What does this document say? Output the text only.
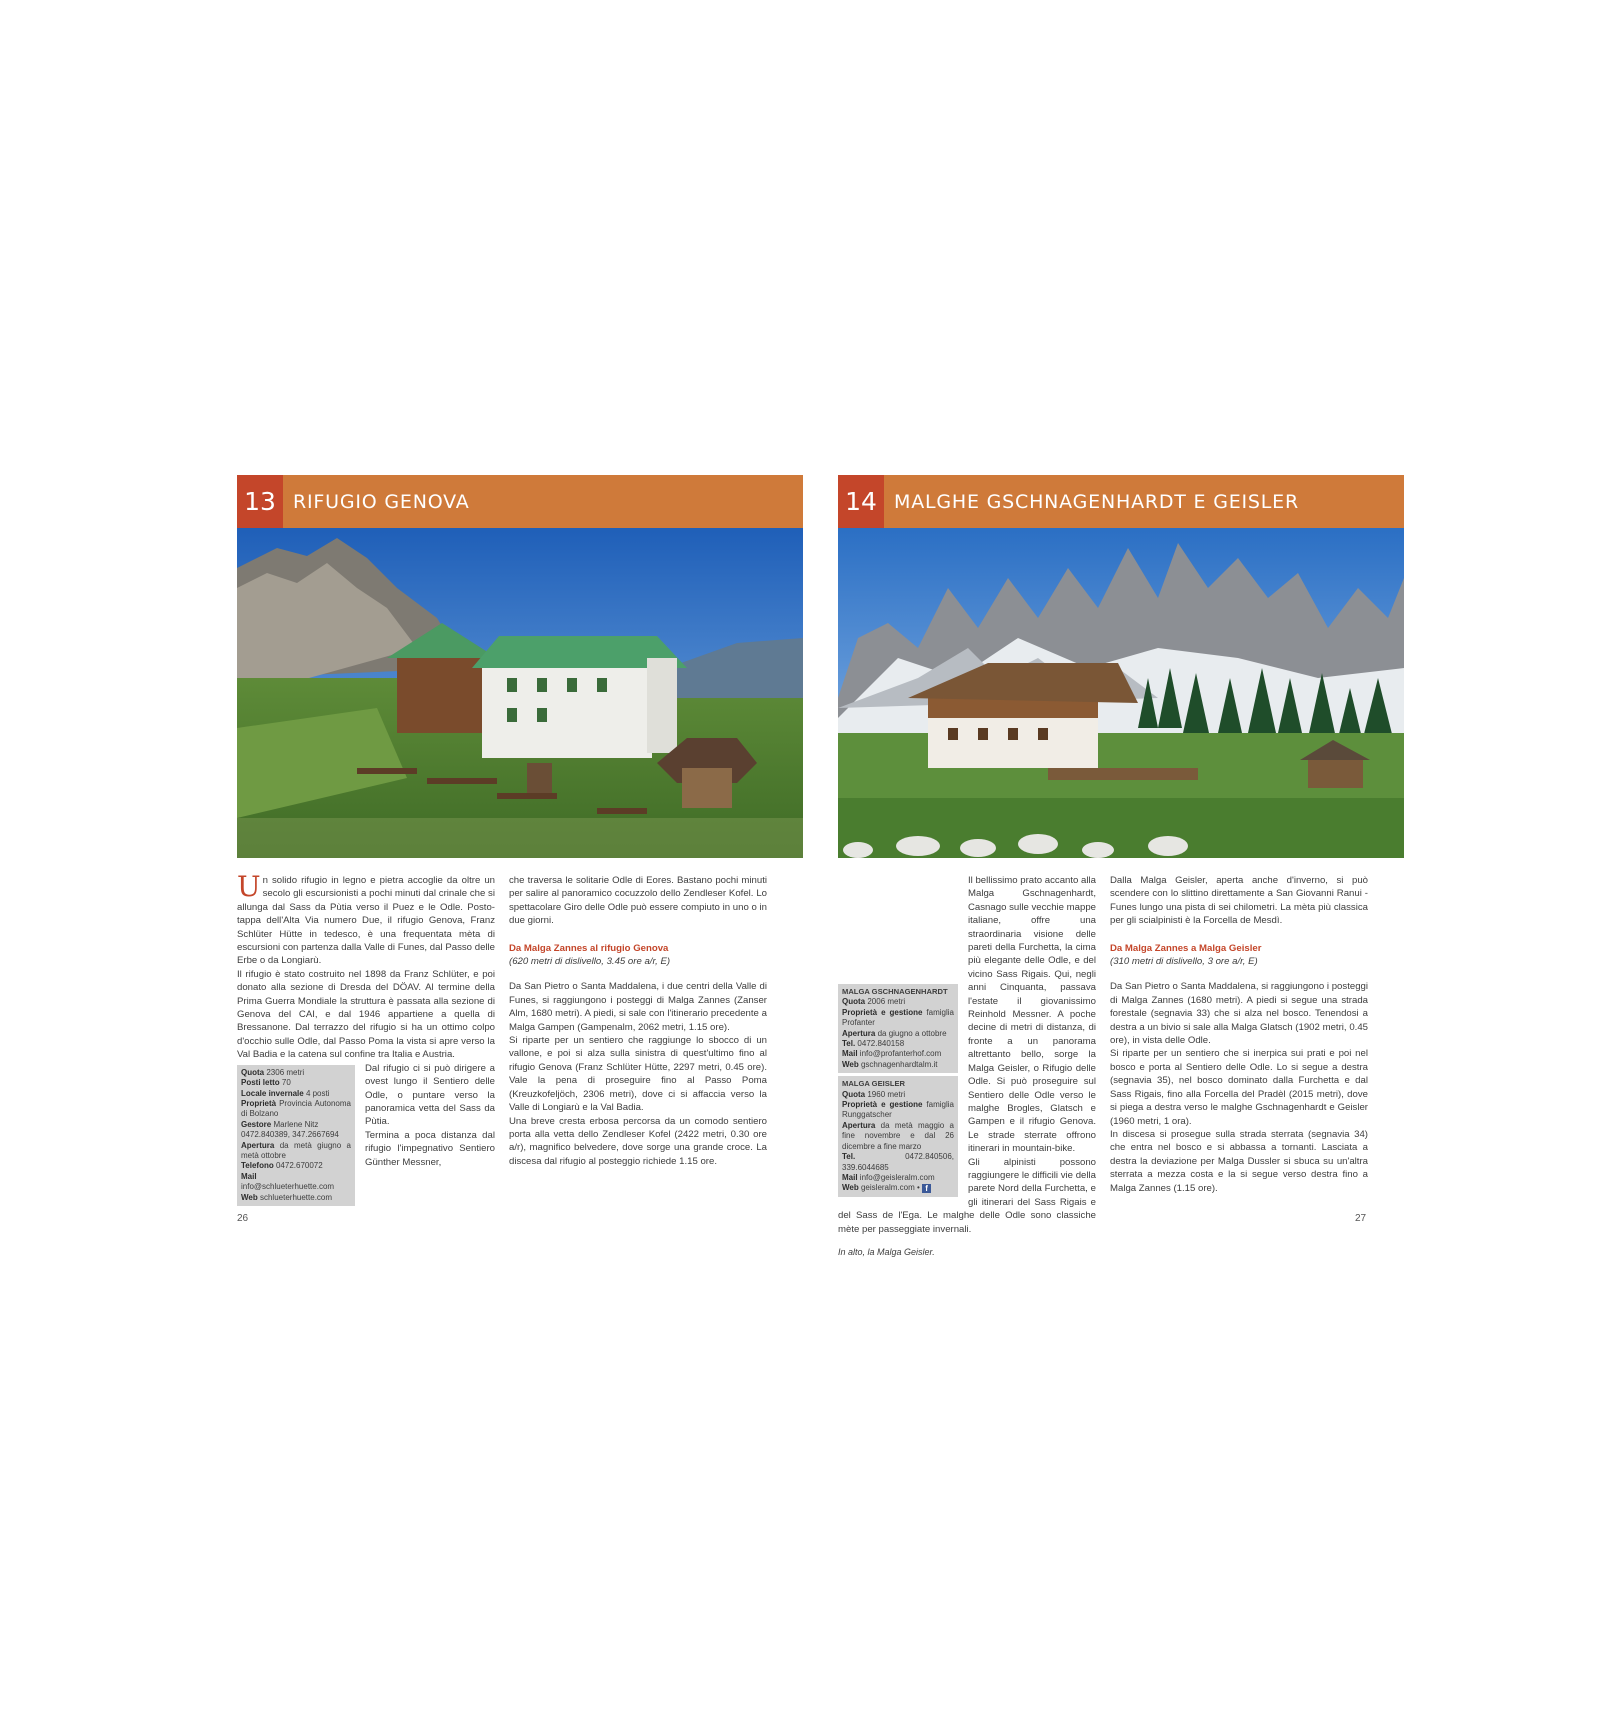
13 RIFUGIO GENOVA

Un solido rifugio in legno e pietra accoglie da oltre un secolo gli escursionisti a pochi minuti dal crinale che si allunga dal Sass da Pùtia verso il Puez e le Odle. Posto-tappa dell'Alta Via numero Due, il rifugio Genova, Franz Schlüter Hütte in tedesco, è una frequentata mèta di escursioni con partenza dalla Valle di Funes, dal Passo delle Erbe o da Longiarù.

Il rifugio è stato costruito nel 1898 da Franz Schlüter, e poi donato alla sezione di Dresda del DÖAV. Al termine della Prima Guerra Mondiale la struttura è passata alla sezione di Genova del CAI, e dal 1946 appartiene a quella di Bressanone. Dal terrazzo del rifugio si ha un ottimo colpo d'occhio sulle Odle, dal Passo Poma la vista si apre verso la Val Badia e la catena sul confine tra Italia e Austria.

Quota 2306 metri
Posti letto 70
Locale invernale 4 posti
Proprietà Provincia Autonoma di Bolzano
Gestore Marlene Nitz
0472.840389, 347.2667694
Apertura da metà giugno a metà ottobre
Telefono 0472.670072
Mail info@schlueterhuette.com
Web schlueterhuette.com

Dal rifugio ci si può dirigere a ovest lungo il Sentiero delle Odle, o puntare verso la panoramica vetta del Sass da Pùtia.

Termina a poca distanza dal rifugio l'impegnativo Sentiero Günther Messner,

che traversa le solitarie Odle di Eores. Bastano pochi minuti per salire al panoramico cocuzzolo dello Zendleser Kofel. Lo spettacolare Giro delle Odle può essere compiuto in uno o in due giorni.

Da Malga Zannes al rifugio Genova
(620 metri di dislivello, 3.45 ore a/r, E)

Da San Pietro o Santa Maddalena, i due centri della Valle di Funes, si raggiungono i posteggi di Malga Zannes (Zanser Alm, 1680 metri). A piedi, si sale con l'itinerario precedente a Malga Gampen (Gampenalm, 2062 metri, 1.15 ore).

Si riparte per un sentiero che raggiunge lo sbocco di un vallone, e poi si alza sulla sinistra di quest'ultimo fino al rifugio Genova (Franz Schlüter Hütte, 2297 metri, 0.45 ore). Vale la pena di proseguire fino al Passo Poma (Kreuzkofeljöch, 2306 metri), dove ci si affaccia verso la Valle di Longiarù e la Val Badia.

Una breve cresta erbosa percorsa da un comodo sentiero porta alla vetta dello Zendleser Kofel (2422 metri, 0.30 ore a/r), magnifico belvedere, dove sorge una grande croce. La discesa dal rifugio al posteggio richiede 1.15 ore.

26
14 MALGHE GSCHNAGENHARDT E GEISLER
MALGA GSCHNAGENHARDT
Quota 2006 metri
Proprietà e gestione famiglia Profanter
Apertura da giugno a ottobre
Tel. 0472.840158
Mail info@profanterhof.com
Web gschnagenhardtalm.it
MALGA GEISLER
Quota 1960 metri
Proprietà e gestione famiglia Runggatscher
Apertura da metà maggio a fine novembre e dal 26 dicembre a fine marzo
Tel.	0472.840506, 339.6044685
Mail info@geisleralm.com
Web geisleralm.com • f

Il bellissimo prato accanto alla Malga Gschnagenhardt, Casnago sulle vecchie mappe italiane, offre una straordinaria visione delle pareti della Furchetta, la cima più elegante delle Odle, e del vicino Sass Rigais. Qui, negli anni Cinquanta, passava l'estate il giovanissimo Reinhold Messner. A poche decine di metri di distanza, di fronte a un panorama altrettanto bello, sorge la Malga Geisler, o Rifugio delle Odle. Si può proseguire sul Sentiero delle Odle verso le malghe Brogles, Glatsch e Gampen e il rifugio Genova. Le strade sterrate offrono itinerari in mountain-bike.

Gli alpinisti possono raggiungere le difficili vie della parete Nord della Furchetta, e gli itinerari del Sass Rigais e del Sass de l'Ega. Le malghe delle Odle sono classiche mète per passeggiate invernali.

In alto, la Malga Geisler.

Dalla Malga Geisler, aperta anche d'inverno, si può scendere con lo slittino direttamente a San Giovanni Ranui - Funes lungo una pista di sei chilometri. La mèta più classica per gli scialpinisti è la Forcella de Mesdì.

Da Malga Zannes a Malga Geisler
(310 metri di dislivello, 3 ore a/r, E)

Da San Pietro o Santa Maddalena, si raggiungono i posteggi di Malga Zannes (1680 metri). A piedi si segue una strada forestale (segnavia 33) che si alza nel bosco. Tenendosi a destra a un bivio si sale alla Malga Glatsch (1902 metri, 0.45 ore), in vista delle Odle.

Si riparte per un sentiero che si inerpica sui prati e poi nel bosco e porta al Sentiero delle Odle. Lo si segue a destra (segnavia 35), nel bosco dominato dalla Furchetta e dal Sass Rigais, fino alla Forcella del Pradèl (2015 metri), dove si piega a destra verso le malghe Gschnagenhardt e Geisler (1960 metri, 1 ora).

In discesa si prosegue sulla strada sterrata (segnavia 34) che entra nel bosco e si abbassa a tornanti. Lasciata a destra la deviazione per Malga Dussler si sbuca su un'altra sterrata a mezza costa e la si segue verso destra fino a Malga Zannes (1.15 ore).

27
